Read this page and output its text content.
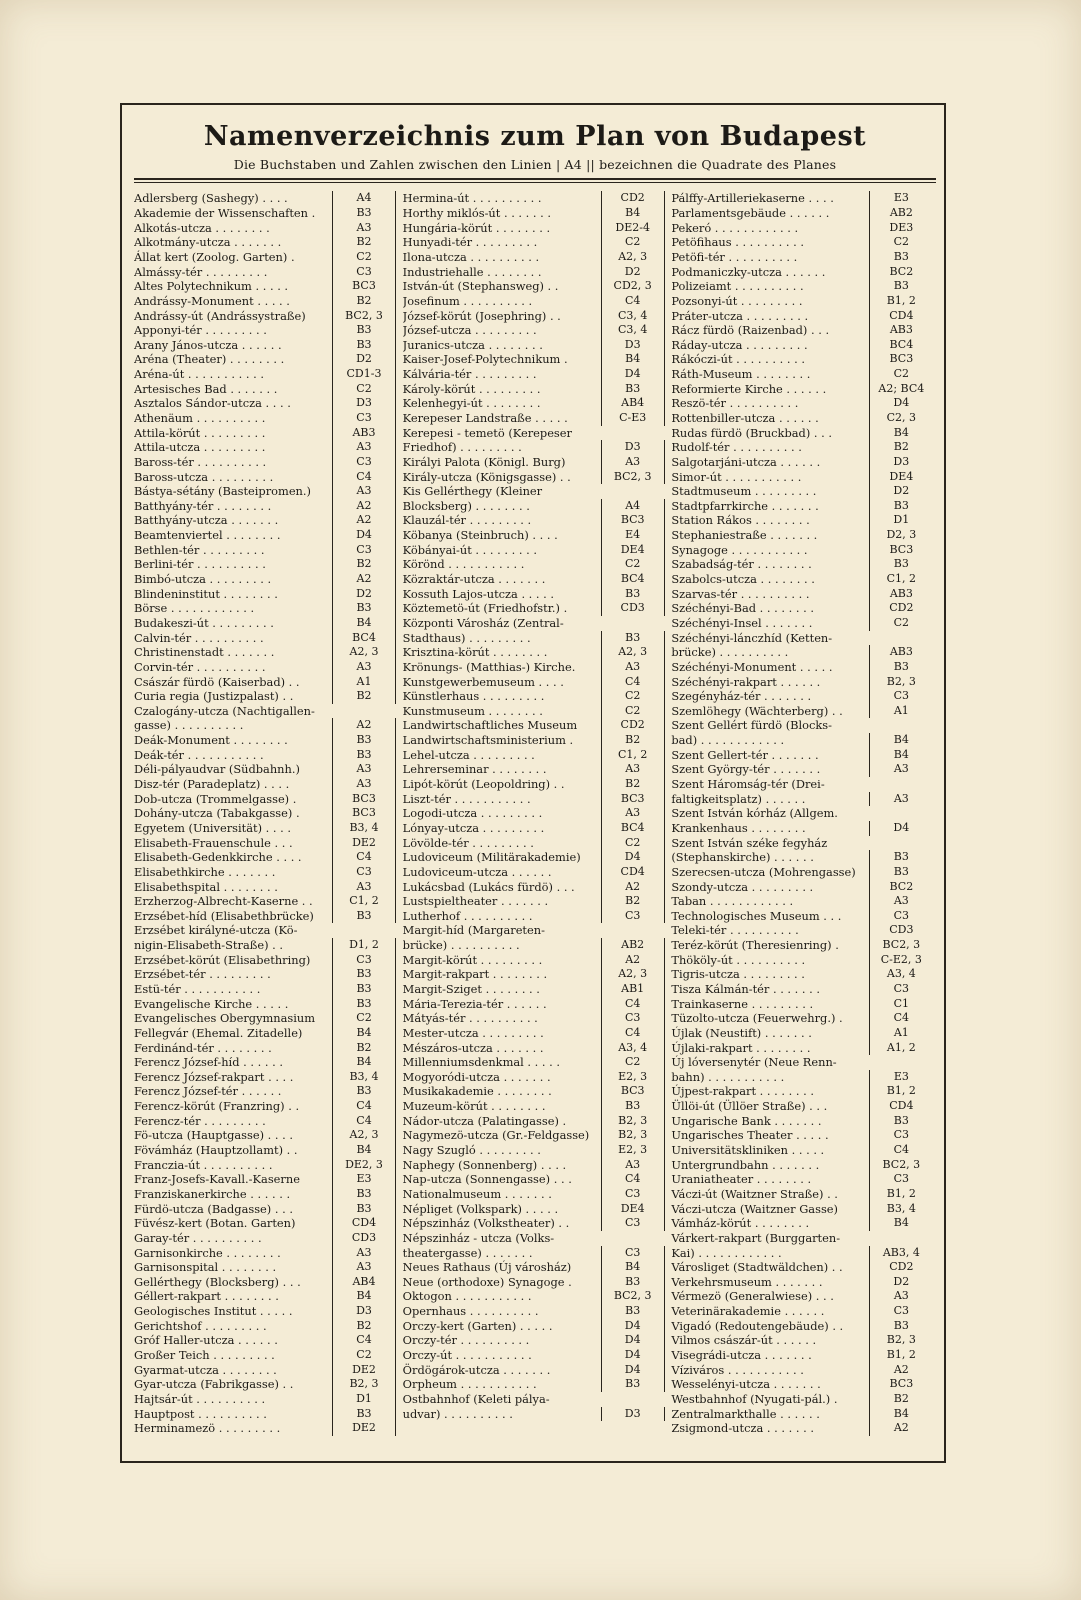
Namenverzeichnis zum Plan von Budapest

Die Buchstaben und Zahlen zwischen den Linien | A4 || bezeichnen die Quadrate des Planes

Adlersberg (Sashegy) . . . .	A4
Akademie der Wissenschaften .	B3
Alkotás-utcza . . . . . . . .	A3
Alkotmány-utcza . . . . . . .	B2
Állat kert (Zoolog. Garten) .	C2
Almássy-tér . . . . . . . . .	C3
Altes Polytechnikum . . . . .	BC3
Andrássy-Monument . . . . .	B2
Andrássy-út (Andrássystraße)	BC2, 3
Apponyi-tér . . . . . . . . .	B3
Arany János-utcza . . . . . .	B3
Aréna (Theater) . . . . . . . .	D2
Aréna-út . . . . . . . . . . .	CD1-3
Artesisches Bad . . . . . . .	C2
Asztalos Sándor-utcza . . . .	D3
Athenäum . . . . . . . . . .	C3
Attila-körút . . . . . . . . .	AB3
Attila-utcza . . . . . . . . .	A3
Baross-tér . . . . . . . . . .	C3
Baross-utcza . . . . . . . . .	C4
Bástya-sétány (Basteipromen.)	A3
Batthyány-tér . . . . . . . .	A2
Batthyány-utcza . . . . . . .	A2
Beamtenviertel . . . . . . . .	D4
Bethlen-tér . . . . . . . . .	C3
Berlini-tér . . . . . . . . . .	B2
Bimbó-utcza . . . . . . . . .	A2
Blindeninstitut . . . . . . . .	D2
Börse . . . . . . . . . . . .	B3
Budakeszi-út . . . . . . . . .	B4
Calvin-tér . . . . . . . . . .	BC4
Christinenstadt . . . . . . .	A2, 3
Corvin-tér . . . . . . . . . .	A3
Császár fürdö (Kaiserbad) . .	A1
Curia regia (Justizpalast) . .	B2
Czalogány-utcza (Nachtigallen-
gasse) . . . . . . . . . .	A2
Deák-Monument . . . . . . . .	B3
Deák-tér . . . . . . . . . . .	B3
Déli-pályaudvar (Südbahnh.)	A3
Disz-tér (Paradeplatz) . . . .	A3
Dob-utcza (Trommelgasse) .	BC3
Dohány-utcza (Tabakgasse) .	BC3
Egyetem (Universität) . . . .	B3, 4
Elisabeth-Frauenschule . . .	DE2
Elisabeth-Gedenkkirche . . . .	C4
Elisabethkirche . . . . . . .	C3
Elisabethspital . . . . . . . .	A3
Erzherzog-Albrecht-Kaserne . .	C1, 2
Erzsébet-híd (Elisabethbrücke)	B3
Erzsébet királyné-utcza (Kö-
nigin-Elisabeth-Straße) . .	D1, 2
Erzsébet-körút (Elisabethring)	C3
Erzsébet-tér . . . . . . . . .	B3
Estü-tér . . . . . . . . . . .	B3
Evangelische Kirche . . . . .	B3
Evangelisches Obergymnasium	C2
Fellegvár (Ehemal. Zitadelle)	B4
Ferdinánd-tér . . . . . . . .	B2
Ferencz József-híd . . . . . .	B4
Ferencz József-rakpart . . . .	B3, 4
Ferencz József-tér . . . . . .	B3
Ferencz-körút (Franzring) . .	C4
Ferencz-tér . . . . . . . . .	C4
Fö-utcza (Hauptgasse) . . . .	A2, 3
Fövámház (Hauptzollamt) . .	B4
Franczia-út . . . . . . . . . .	DE2, 3
Franz-Josefs-Kavall.-Kaserne	E3
Franziskanerkirche . . . . . .	B3
Fürdö-utcza (Badgasse) . . .	B3
Füvész-kert (Botan. Garten)	CD4
Garay-tér . . . . . . . . . .	CD3
Garnisonkirche . . . . . . . .	A3
Garnisonspital . . . . . . . .	A3
Gellérthegy (Blocksberg) . . .	AB4
Géllert-rakpart . . . . . . . .	B4
Geologisches Institut . . . . .	D3
Gerichtshof . . . . . . . . .	B2
Gróf Haller-utcza . . . . . .	C4
Großer Teich . . . . . . . . .	C2
Gyarmat-utcza . . . . . . . .	DE2
Gyar-utcza (Fabrikgasse) . .	B2, 3
Hajtsár-út . . . . . . . . . .	D1
Hauptpost . . . . . . . . . .	B3
Herminamezö . . . . . . . . .	DE2
Hermina-út . . . . . . . . . .	CD2
Horthy miklós-út . . . . . . .	B4
Hungária-körút . . . . . . . .	DE2-4
Hunyadi-tér . . . . . . . . .	C2
Ilona-utcza . . . . . . . . . .	A2, 3
Industriehalle . . . . . . . .	D2
István-út (Stephansweg) . .	CD2, 3
Josefinum . . . . . . . . . .	C4
József-körút (Josephring) . .	C3, 4
József-utcza . . . . . . . . .	C3, 4
Juranics-utcza . . . . . . . .	D3
Kaiser-Josef-Polytechnikum .	B4
Kálvária-tér . . . . . . . . .	D4
Károly-körút . . . . . . . . .	B3
Kelenhegyi-út . . . . . . . .	AB4
Kerepeser Landstraße . . . . .	C-E3
Kerepesi - temetö (Kerepeser
Friedhof) . . . . . . . . .	D3
Királyi Palota (Königl. Burg)	A3
Király-utcza (Königsgasse) . .	BC2, 3
Kis Gellérthegy (Kleiner
Blocksberg) . . . . . . . .	A4
Klauzál-tér . . . . . . . . .	BC3
Köbanya (Steinbruch) . . . .	E4
Köbányai-út . . . . . . . . .	DE4
Körönd . . . . . . . . . . .	C2
Közraktár-utcza . . . . . . .	BC4
Kossuth Lajos-utcza . . . . .	B3
Köztemetö-út (Friedhofstr.) .	CD3
Központi Városház (Zentral-
Stadthaus) . . . . . . . . .	B3
Krisztina-körút . . . . . . . .	A2, 3
Krönungs- (Matthias-) Kirche.	A3
Kunstgewerbemuseum . . . .	C4
Künstlerhaus . . . . . . . . .	C2
Kunstmuseum . . . . . . . .	C2
Landwirtschaftliches Museum	CD2
Landwirtschaftsministerium .	B2
Lehel-utcza . . . . . . . . .	C1, 2
Lehrerseminar . . . . . . . .	A3
Lipót-körút (Leopoldring) . .	B2
Liszt-tér . . . . . . . . . . .	BC3
Logodi-utcza . . . . . . . . .	A3
Lónyay-utcza . . . . . . . . .	BC4
Lövölde-tér . . . . . . . . .	C2
Ludoviceum (Militärakademie)	D4
Ludoviceum-utcza . . . . . .	CD4
Lukácsbad (Lukács fürdö) . . .	A2
Lustspieltheater . . . . . . .	B2
Lutherhof . . . . . . . . . .	C3
Margit-híd (Margareten-
brücke) . . . . . . . . . .	AB2
Margit-körút . . . . . . . . .	A2
Margit-rakpart . . . . . . . .	A2, 3
Margit-Sziget . . . . . . . .	AB1
Mária-Terezia-tér . . . . . .	C4
Mátyás-tér . . . . . . . . . .	C3
Mester-utcza . . . . . . . . .	C4
Mészáros-utcza . . . . . . .	A3, 4
Millenniumsdenkmal . . . . .	C2
Mogyoródi-utcza . . . . . . .	E2, 3
Musikakademie . . . . . . . .	BC3
Muzeum-körút . . . . . . . .	B3
Nádor-utcza (Palatingasse) .	B2, 3
Nagymezö-utcza (Gr.-Feldgasse)	B2, 3
Nagy Szugló . . . . . . . . .	E2, 3
Naphegy (Sonnenberg) . . . .	A3
Nap-utcza (Sonnengasse) . . .	C4
Nationalmuseum . . . . . . .	C3
Népliget (Volkspark) . . . . .	DE4
Népszinház (Volkstheater) . .	C3
Népszinház - utcza (Volks-
theatergasse) . . . . . . .	C3
Neues Rathaus (Új városház)	B4
Neue (orthodoxe) Synagoge .	B3
Oktogon . . . . . . . . . . .	BC2, 3
Opernhaus . . . . . . . . . .	B3
Orczy-kert (Garten) . . . . .	D4
Orczy-tér . . . . . . . . . .	D4
Orczy-út . . . . . . . . . . .	D4
Ördögárok-utcza . . . . . . .	D4
Orpheum . . . . . . . . . . .	B3
Ostbahnhof (Keleti pálya-
udvar) . . . . . . . . . .	D3
Pálffy-Artilleriekaserne . . . .	E3
Parlamentsgebäude . . . . . .	AB2
Pekeró . . . . . . . . . . . .	DE3
Petöfihaus . . . . . . . . . .	C2
Petöfi-tér . . . . . . . . . .	B3
Podmaniczky-utcza . . . . . .	BC2
Polizeiamt . . . . . . . . . .	B3
Pozsonyi-út . . . . . . . . .	B1, 2
Práter-utcza . . . . . . . . .	CD4
Rácz fürdö (Raizenbad) . . .	AB3
Ráday-utcza . . . . . . . . .	BC4
Rákóczi-út . . . . . . . . . .	BC3
Ráth-Museum . . . . . . . .	C2
Reformierte Kirche . . . . . .	A2; BC4
Reszö-tér . . . . . . . . . .	D4
Rottenbiller-utcza . . . . . .	C2, 3
Rudas fürdö (Bruckbad) . . .	B4
Rudolf-tér . . . . . . . . . .	B2
Salgotarjáni-utcza . . . . . .	D3
Simor-út . . . . . . . . . . .	DE4
Stadtmuseum . . . . . . . . .	D2
Stadtpfarrkirche . . . . . . .	B3
Station Rákos . . . . . . . .	D1
Stephaniestraße . . . . . . .	D2, 3
Synagoge . . . . . . . . . . .	BC3
Szabadság-tér . . . . . . . .	B3
Szabolcs-utcza . . . . . . . .	C1, 2
Szarvas-tér . . . . . . . . . .	AB3
Széchényi-Bad . . . . . . . .	CD2
Széchényi-Insel . . . . . . .	C2
Széchényi-lánczhíd (Ketten-
brücke) . . . . . . . . . .	AB3
Széchényi-Monument . . . . .	B3
Széchényi-rakpart . . . . . .	B2, 3
Szegényház-tér . . . . . . .	C3
Szemlöhegy (Wächterberg) . .	A1
Szent Gellért fürdö (Blocks-
bad) . . . . . . . . . . . .	B4
Szent Gellert-tér . . . . . . .	B4
Szent György-tér . . . . . . .	A3
Szent Háromság-tér (Drei-
faltigkeitsplatz) . . . . . .	A3
Szent István kórház (Allgem.
Krankenhaus . . . . . . . .	D4
Szent István széke fegyház
(Stephanskirche) . . . . . .	B3
Szerecsen-utcza (Mohrengasse)	B3
Szondy-utcza . . . . . . . . .	BC2
Taban . . . . . . . . . . . .	A3
Technologisches Museum . . .	C3
Teleki-tér . . . . . . . . . .	CD3
Teréz-körút (Theresienring) .	BC2, 3
Thököly-út . . . . . . . . . .	C-E2, 3
Tigris-utcza . . . . . . . . .	A3, 4
Tisza Kálmán-tér . . . . . . .	C3
Trainkaserne . . . . . . . . .	C1
Tüzolto-utcza (Feuerwehrg.) .	C4
Újlak (Neustift) . . . . . . .	A1
Újlaki-rakpart . . . . . . . .	A1, 2
Új lóversenytér (Neue Renn-
bahn) . . . . . . . . . . .	E3
Újpest-rakpart . . . . . . . .	B1, 2
Üllöi-út (Üllöer Straße) . . .	CD4
Ungarische Bank . . . . . . .	B3
Ungarisches Theater . . . . .	C3
Universitätskliniken . . . . .	C4
Untergrundbahn . . . . . . .	BC2, 3
Uraniatheater . . . . . . . .	C3
Váczi-út (Waitzner Straße) . .	B1, 2
Váczi-utcza (Waitzner Gasse)	B3, 4
Vámház-körút . . . . . . . .	B4
Várkert-rakpart (Burggarten-
Kai) . . . . . . . . . . . .	AB3, 4
Városliget (Stadtwäldchen) . .	CD2
Verkehrsmuseum . . . . . . .	D2
Vérmezö (Generalwiese) . . .	A3
Veterinärakademie . . . . . .	C3
Vigadó (Redoutengebäude) . .	B3
Vilmos császár-út . . . . . .	B2, 3
Visegrádi-utcza . . . . . . .	B1, 2
Víziváros . . . . . . . . . . .	A2
Wesselényi-utcza . . . . . . .	BC3
Westbahnhof (Nyugati-pál.) .	B2
Zentralmarkthalle . . . . . .	B4
Zsigmond-utcza . . . . . . .	A2
